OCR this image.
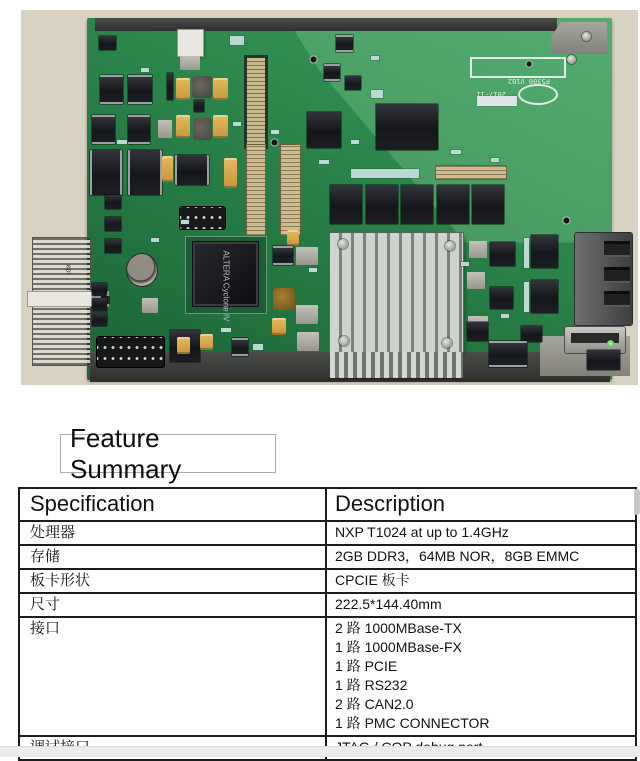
ept	ALTERA Cyclone IV
P5300_V1B2
2017-11
Feature Summary
Specification	Description
处理器	NXP T1024 at up to 1.4GHz
存储	2GB DDR3，64MB NOR，8GB EMMC
板卡形状	CPCIE 板卡
尺寸	222.5*144.40mm
接口	2 路 1000MBase-TX
1 路 1000MBase-FX
1 路 PCIE
1 路 RS232
2 路 CAN2.0
1 路 PMC CONNECTOR
